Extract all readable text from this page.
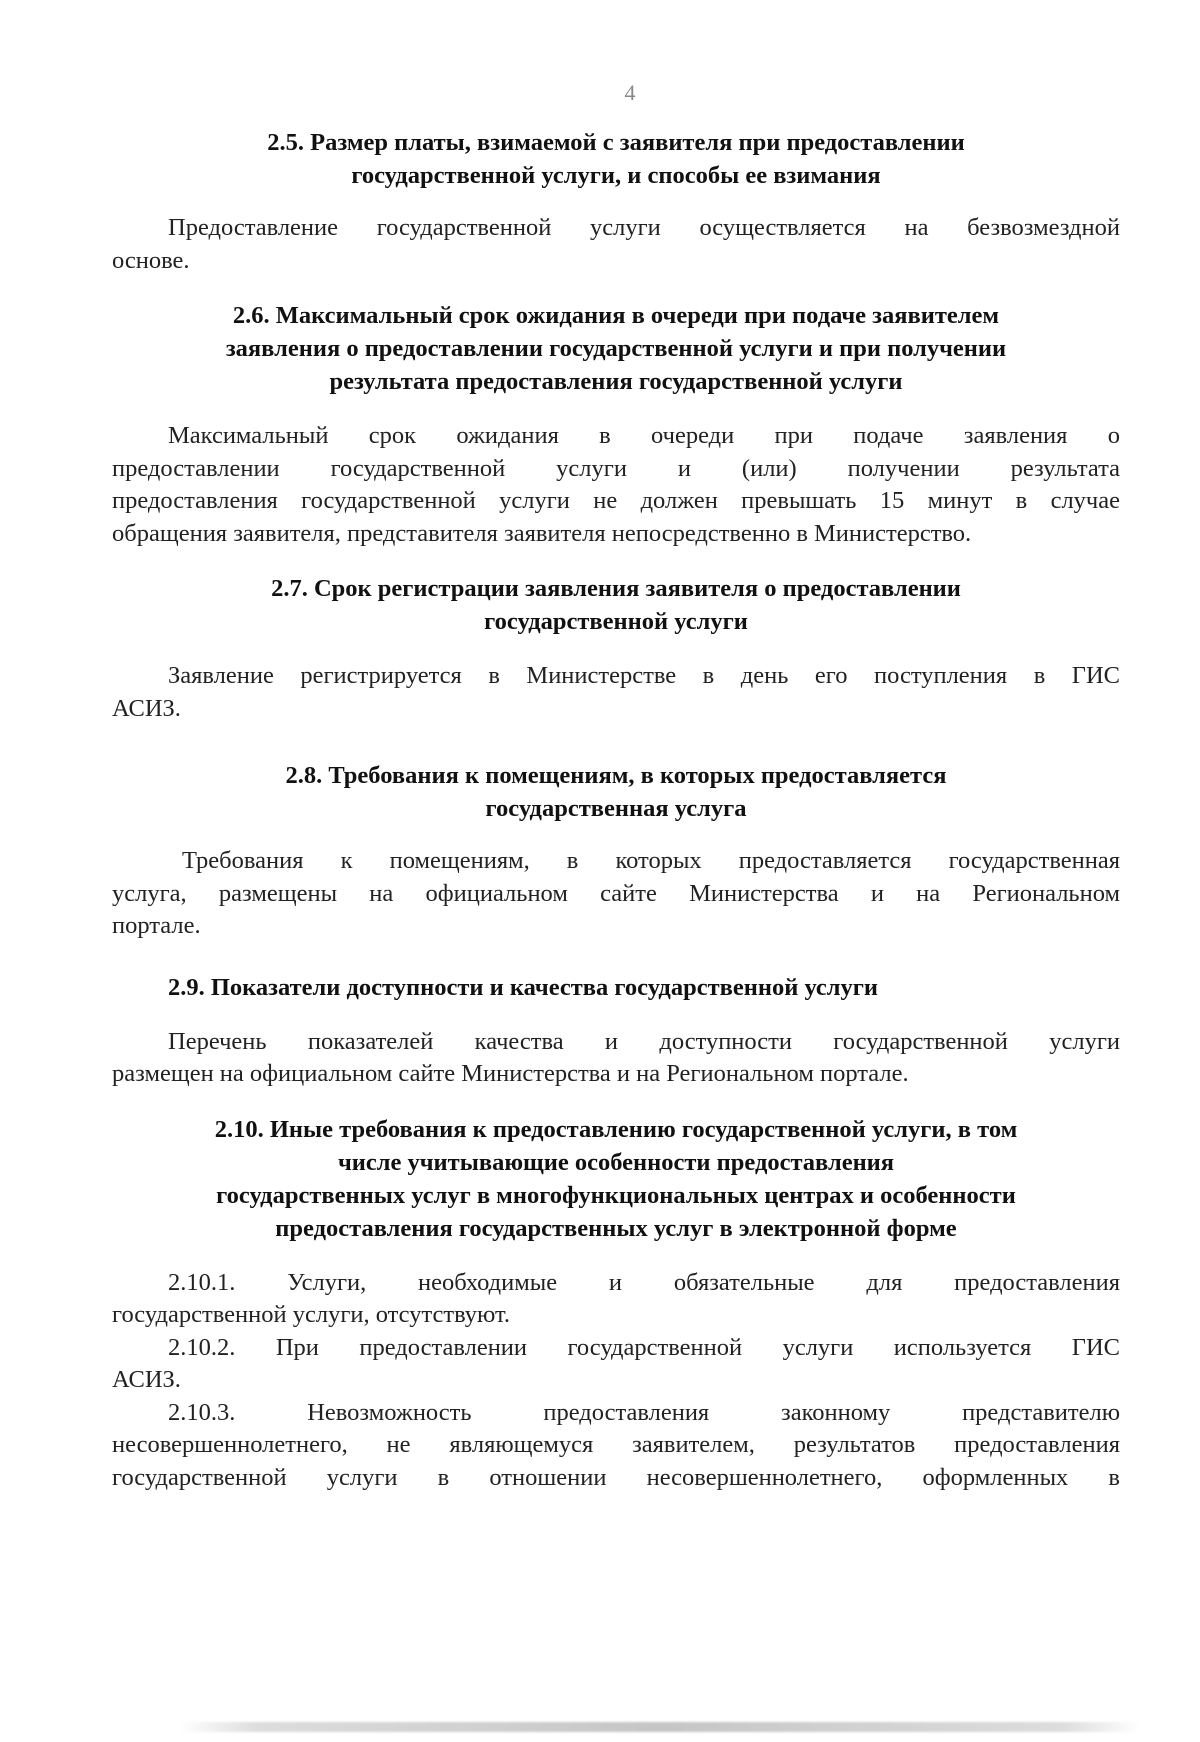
4

2.5. Размер платы, взимаемой с заявителя при предоставлении
государственной услуги, и способы ее взимания

Предоставление государственной услуги осуществляется на безвозмездной
основе.

2.6. Максимальный срок ожидания в очереди при подаче заявителем
заявления о предоставлении государственной услуги и при получении
результата предоставления государственной услуги

Максимальный срок ожидания в очереди при подаче заявления о
предоставлении государственной услуги и (или) получении результата
предоставления государственной услуги не должен превышать 15 минут в случае
обращения заявителя, представителя заявителя непосредственно в Министерство.

2.7. Срок регистрации заявления заявителя о предоставлении
государственной услуги

Заявление регистрируется в Министерстве в день его поступления в ГИС
АСИЗ.

2.8. Требования к помещениям, в которых предоставляется
государственная услуга

Требования к помещениям, в которых предоставляется государственная
услуга, размещены на официальном сайте Министерства и на Региональном
портале.

2.9. Показатели доступности и качества государственной услуги

Перечень показателей качества и доступности государственной услуги
размещен на официальном сайте Министерства и на Региональном портале.

2.10. Иные требования к предоставлению государственной услуги, в том
числе учитывающие особенности предоставления
государственных услуг в многофункциональных центрах и особенности
предоставления государственных услуг в электронной форме

2.10.1. Услуги, необходимые и обязательные для предоставления
государственной услуги, отсутствуют.

2.10.2. При предоставлении государственной услуги используется ГИС
АСИЗ.

2.10.3. Невозможность предоставления законному представителю
несовершеннолетнего, не являющемуся заявителем, результатов предоставления
государственной услуги в отношении несовершеннолетнего, оформленных в
